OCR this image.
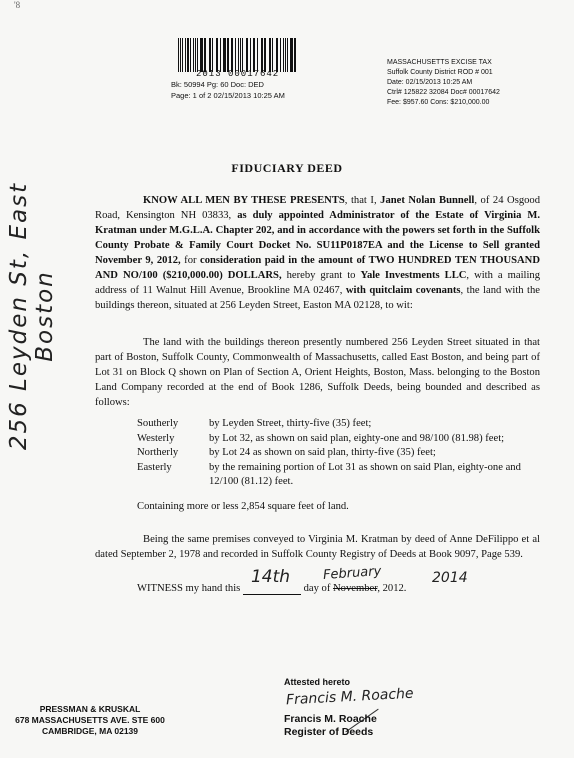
'8
2013 00017642
Bk: 50994 Pg: 60 Doc: DED
Page: 1 of 2 02/15/2013 10:25 AM
MASSACHUSETTS EXCISE TAX
Suffolk County District ROD # 001
Date: 02/15/2013 10:25 AM
Ctrl# 125822 32084 Doc# 00017642
Fee: $957.60 Cons: $210,000.00
256 Leyden St, East Boston
FIDUCIARY DEED
KNOW ALL MEN BY THESE PRESENTS, that I, Janet Nolan Bunnell, of 24 Osgood Road, Kensington NH 03833, as duly appointed Administrator of the Estate of Virginia M. Kratman under M.G.L.A. Chapter 202, and in accordance with the powers set forth in the Suffolk County Probate & Family Court Docket No. SU11P0187EA and the License to Sell granted November 9, 2012, for consideration paid in the amount of TWO HUNDRED TEN THOUSAND AND NO/100 ($210,000.00) DOLLARS, hereby grant to Yale Investments LLC, with a mailing address of 11 Walnut Hill Avenue, Brookline MA 02467, with quitclaim covenants, the land with the buildings thereon, situated at 256 Leyden Street, Easton MA 02128, to wit:
The land with the buildings thereon presently numbered 256 Leyden Street situated in that part of Boston, Suffolk County, Commonwealth of Massachusetts, called East Boston, and being part of Lot 31 on Block Q shown on Plan of Section A, Orient Heights, Boston, Mass. belonging to the Boston Land Company recorded at the end of Book 1286, Suffolk Deeds, being bounded and described as follows:
Southerly	by Leyden Street, thirty-five (35) feet;
Westerly	by Lot 32, as shown on said plan, eighty-one and 98/100 (81.98) feet;
Northerly	by Lot 24 as shown on said plan, thirty-five (35) feet;
Easterly	by the remaining portion of Lot 31 as shown on said Plan, eighty-one and 12/100 (81.12) feet.
Containing more or less 2,854 square feet of land.
Being the same premises conveyed to Virginia M. Kratman by deed of Anne DeFilippo et al dated September 2, 1978 and recorded in Suffolk County Registry of Deeds at Book 9097, Page 539.
WITNESS my hand this
14th
day of November, 2012.
February	2014
PRESSMAN & KRUSKAL
678 MASSACHUSETTS AVE. STE 600
CAMBRIDGE, MA 02139
Attested hereto
Francis M. Roache
Francis M. Roache
Register of Deeds
